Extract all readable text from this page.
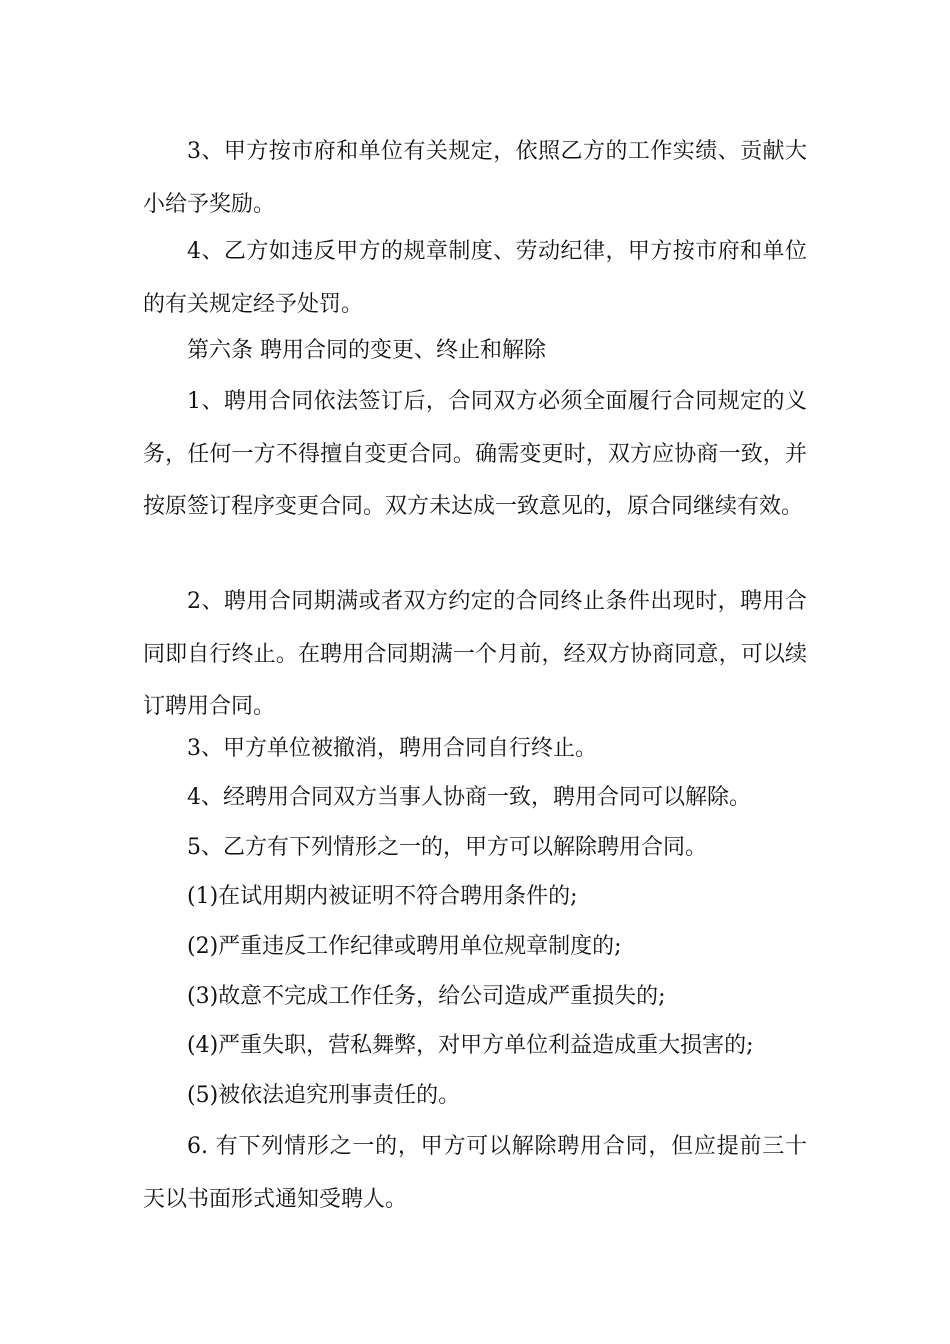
3、甲方按市府和单位有关规定，依照乙方的工作实绩、贡献大小给予奖励。

4、乙方如违反甲方的规章制度、劳动纪律，甲方按市府和单位的有关规定经予处罚。

第六条 聘用合同的变更、终止和解除

1、聘用合同依法签订后，合同双方必须全面履行合同规定的义务，任何一方不得擅自变更合同。确需变更时，双方应协商一致，并按原签订程序变更合同。双方未达成一致意见的，原合同继续有效。

2、聘用合同期满或者双方约定的合同终止条件出现时，聘用合同即自行终止。在聘用合同期满一个月前，经双方协商同意，可以续订聘用合同。

3、甲方单位被撤消，聘用合同自行终止。

4、经聘用合同双方当事人协商一致，聘用合同可以解除。

5、乙方有下列情形之一的，甲方可以解除聘用合同。

(1)在试用期内被证明不符合聘用条件的;

(2)严重违反工作纪律或聘用单位规章制度的;

(3)故意不完成工作任务，给公司造成严重损失的;

(4)严重失职，营私舞弊，对甲方单位利益造成重大损害的;

(5)被依法追究刑事责任的。

6. 有下列情形之一的，甲方可以解除聘用合同，但应提前三十天以书面形式通知受聘人。
